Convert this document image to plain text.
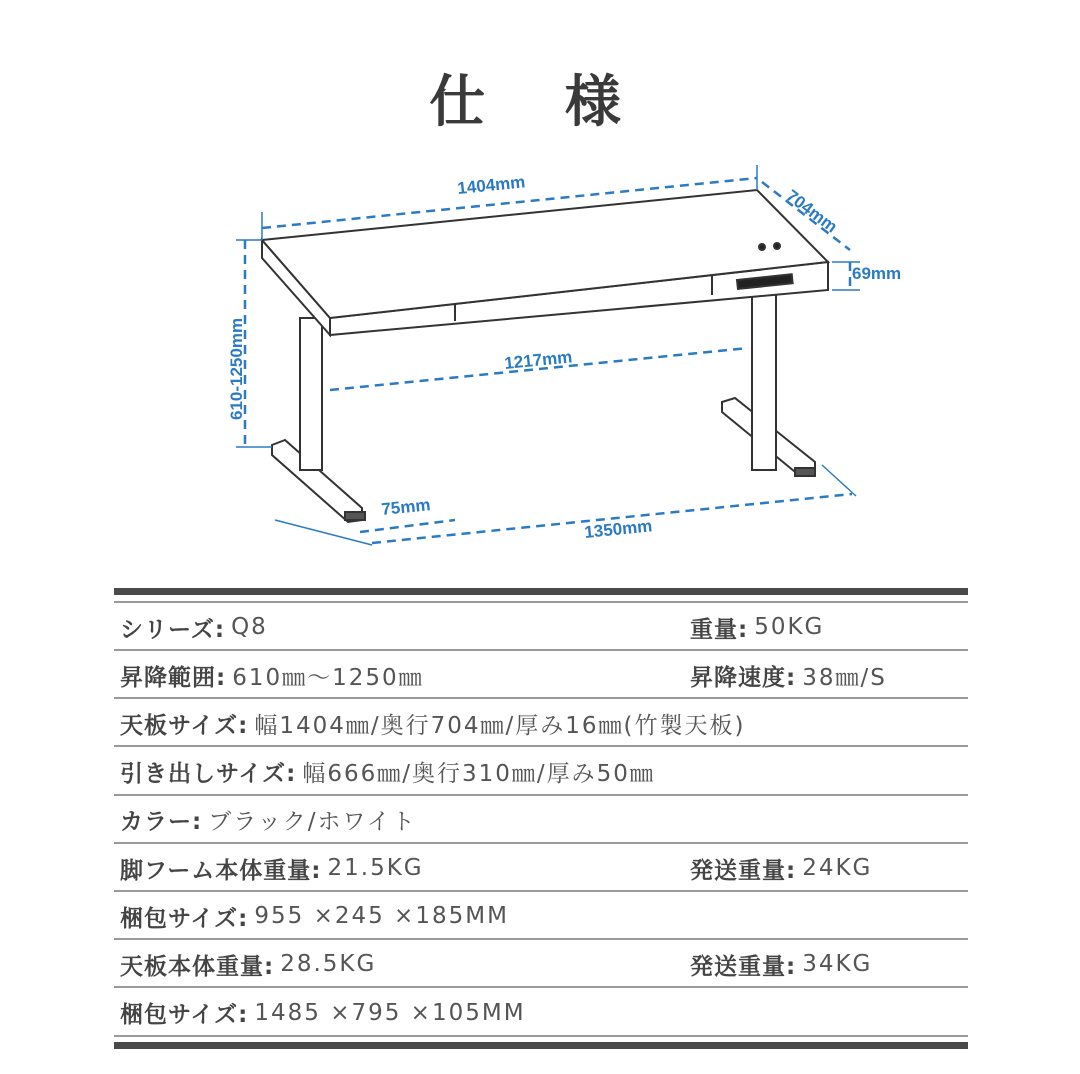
仕 様
1404mm
704mm
69mm
610-1250mm	1217mm
75mm
1350mm
シリーズ: Q8	重量: 50KG
昇降範囲: 610㎜～1250㎜	昇降速度: 38㎜/S
天板サイズ: 幅1404㎜/奥行704㎜/厚み16㎜(竹製天板)
引き出しサイズ: 幅666㎜/奥行310㎜/厚み50㎜
カラー: ブラック/ホワイト
脚フーム本体重量: 21.5KG	発送重量: 24KG
梱包サイズ: 955 ×245 ×185MM
天板本体重量: 28.5KG	発送重量: 34KG
梱包サイズ: 1485 ×795 ×105MM
